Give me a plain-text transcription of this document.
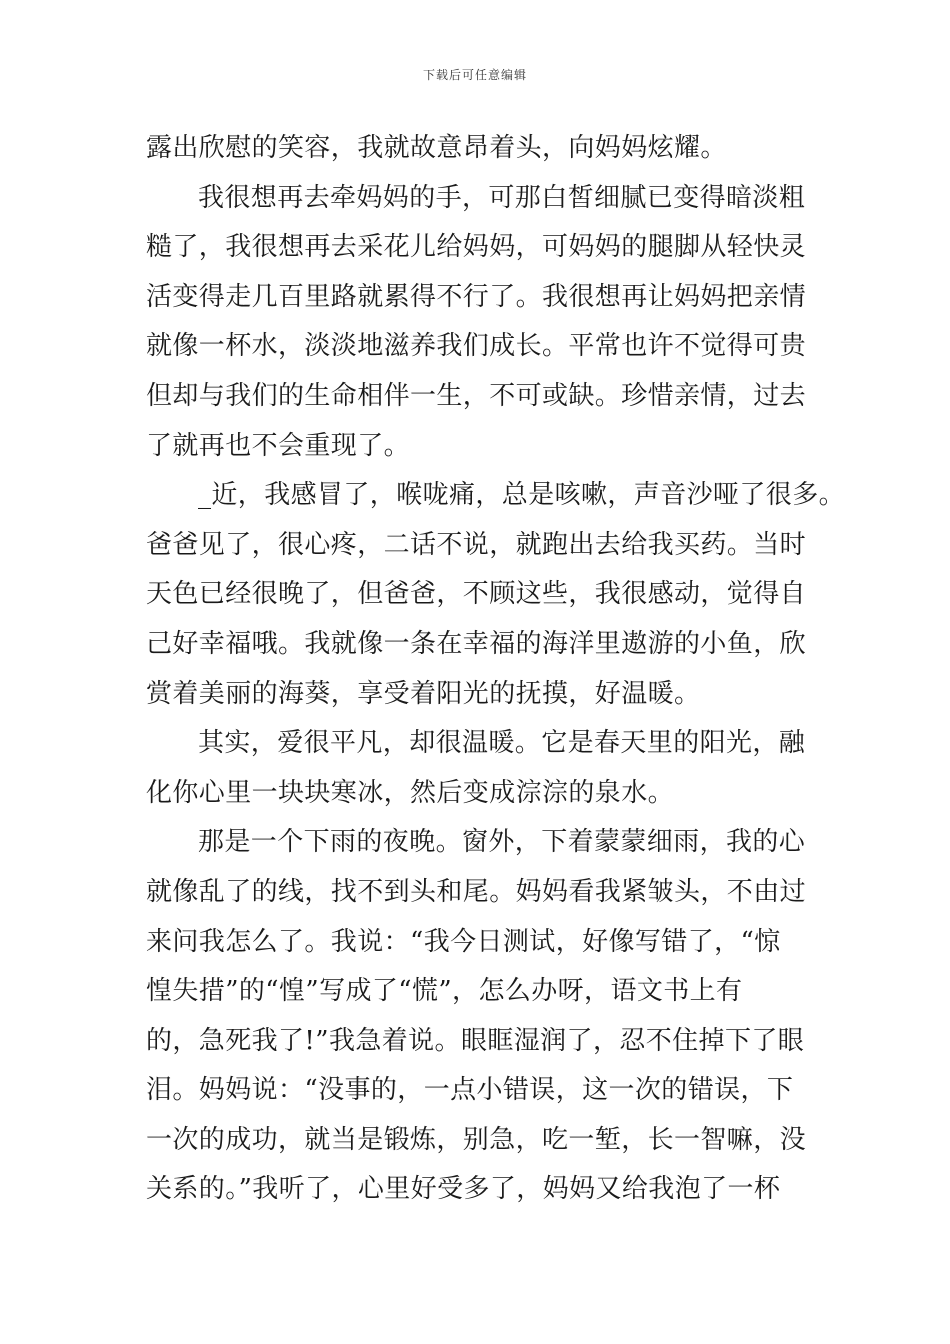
下载后可任意编辑
露出欣慰的笑容，我就故意昂着头，向妈妈炫耀。
我很想再去牵妈妈的手，可那白皙细腻已变得暗淡粗
糙了，我很想再去采花儿给妈妈，可妈妈的腿脚从轻快灵
活变得走几百里路就累得不行了。我很想再让妈妈把亲情
就像一杯水，淡淡地滋养我们成长。平常也许不觉得可贵
但却与我们的生命相伴一生，不可或缺。珍惜亲情，过去
了就再也不会重现了。
_近，我感冒了，喉咙痛，总是咳嗽，声音沙哑了很多。
爸爸见了，很心疼，二话不说，就跑出去给我买药。当时
天色已经很晚了，但爸爸，不顾这些，我很感动，觉得自
己好幸福哦。我就像一条在幸福的海洋里遨游的小鱼，欣
赏着美丽的海葵，享受着阳光的抚摸，好温暖。
其实，爱很平凡，却很温暖。它是春天里的阳光，融
化你心里一块块寒冰，然后变成淙淙的泉水。
那是一个下雨的夜晚。窗外，下着蒙蒙细雨，我的心
就像乱了的线，找不到头和尾。妈妈看我紧皱头，不由过
来问我怎么了。我说：“我今日测试，好像写错了，“惊
惶失措”的“惶”写成了“慌”，怎么办呀，语文书上有
的，急死我了!”我急着说。眼眶湿润了，忍不住掉下了眼
泪。妈妈说：“没事的，一点小错误，这一次的错误，下
一次的成功，就当是锻炼，别急，吃一堑，长一智嘛，没
关系的。”我听了，心里好受多了，妈妈又给我泡了一杯
